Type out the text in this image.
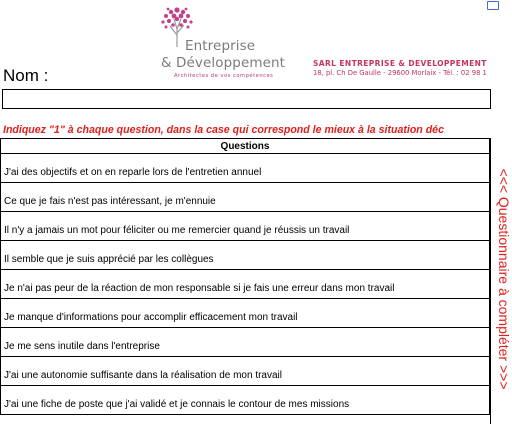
Entreprise
& Développement
Architectes de vos compétences
SARL ENTREPRISE & DEVELOPPEMENT
18, pl. Ch De Gaulle - 29600 Morlaix - Tél. : 02 98 1
Nom :
Indiquez "1" à chaque question, dans la case qui correspond le mieux à la situation déc
Questions
J'ai des objectifs et on en reparle lors de l'entretien annuel
Ce que je fais n'est pas intéressant, je m'ennuie
Il n'y a jamais un mot pour féliciter ou me remercier quand je réussis un travail
Il semble que je suis apprécié par les collègues
Je n'ai pas peur de la réaction de mon responsable si je fais une erreur dans mon travail
Je manque d'informations pour accomplir efficacement mon travail
Je me sens inutile dans l'entreprise
J'ai une autonomie suffisante dans la réalisation de mon travail
J'ai une fiche de poste que j'ai validé et je connais le contour de mes missions
<<< Questionnaire à compléter >>>
